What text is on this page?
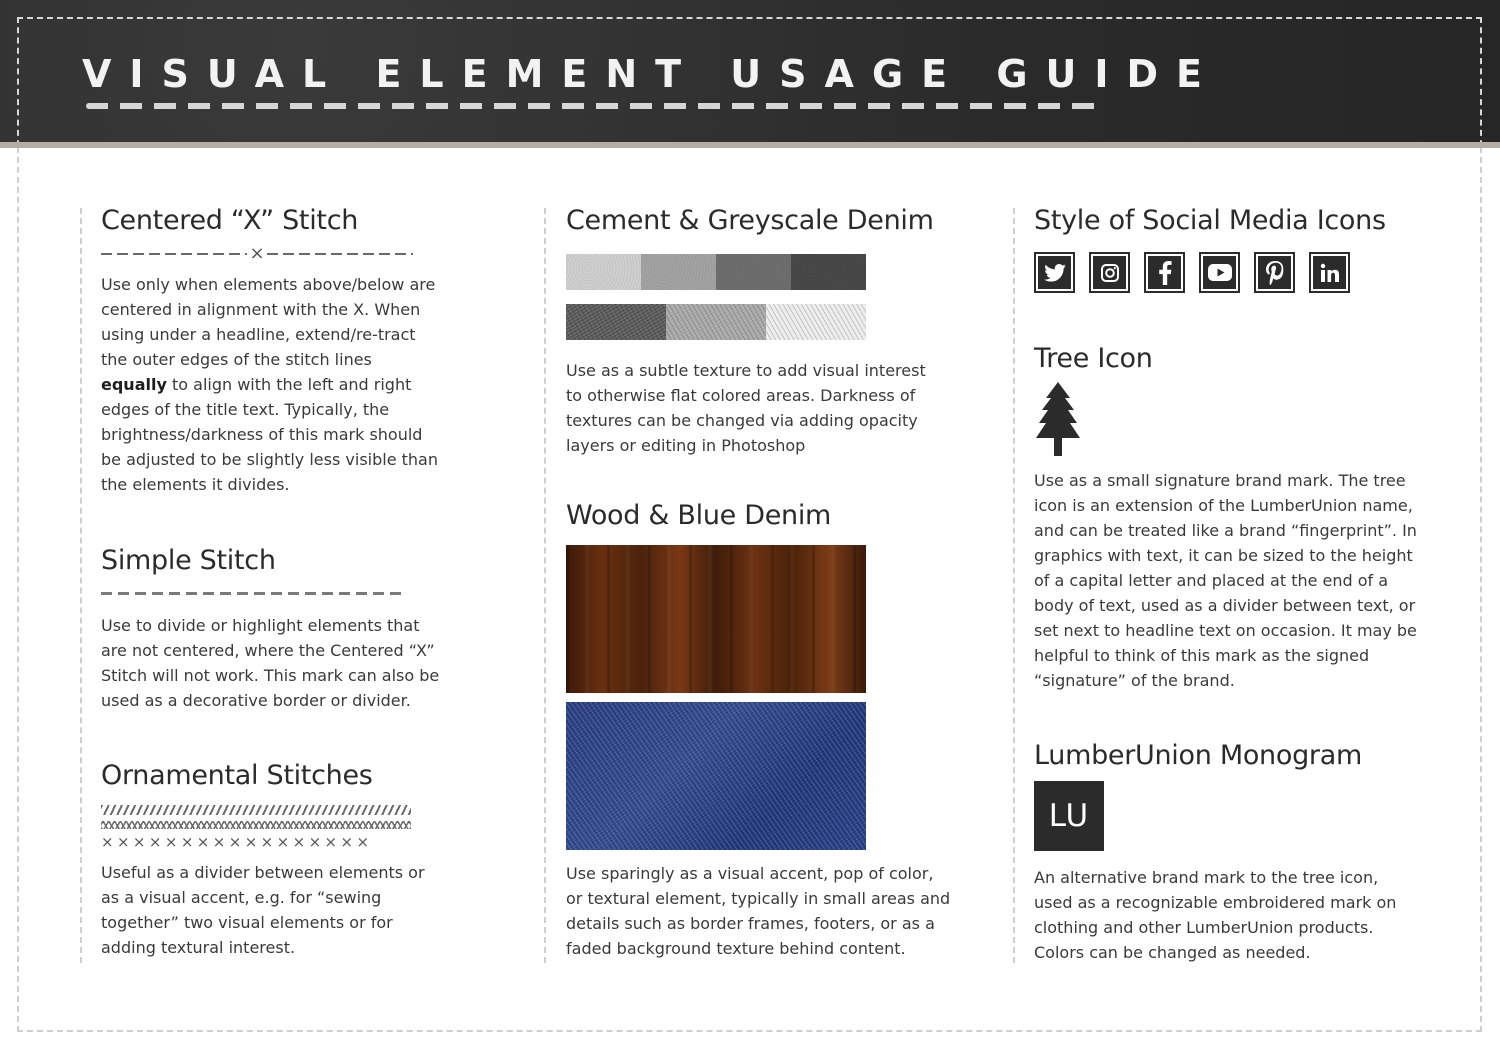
VISUAL ELEMENT USAGE GUIDE
Centered “X” Stitch
×

Use only when elements above/below are centered in alignment with the X. When using under a headline, extend/re-tract the outer edges of the stitch lines equally to align with the left and right edges of the title text. Typically, the brightness/darkness of this mark should be adjusted to be slightly less visible than the elements it divides.

Simple Stitch

Use to divide or highlight elements that are not centered, where the Centered “X” Stitch will not work. This mark can also be used as a decorative border or divider.

Ornamental Stitches
×××××××××××××××××

Useful as a divider between elements or as a visual accent, e.g. for “sewing together” two visual elements or for adding textural interest.

Cement & Greyscale Denim

Use as a subtle texture to add visual interest to otherwise flat colored areas. Darkness of textures can be changed via adding opacity layers or editing in Photoshop

Wood & Blue Denim

Use sparingly as a visual accent, pop of color, or textural element, typically in small areas and details such as border frames, footers, or as a faded background texture behind content.

Style of Social Media Icons
Tree Icon

Use as a small signature brand mark. The tree icon is an extension of the LumberUnion name, and can be treated like a brand “fingerprint”. In graphics with text, it can be sized to the height of a capital letter and placed at the end of a body of text, used as a divider between text, or set next to headline text on occasion. It may be helpful to think of this mark as the signed “signature” of the brand.

LumberUnion Monogram
LU

An alternative brand mark to the tree icon, used as a recognizable embroidered mark on clothing and other LumberUnion products. Colors can be changed as needed.
